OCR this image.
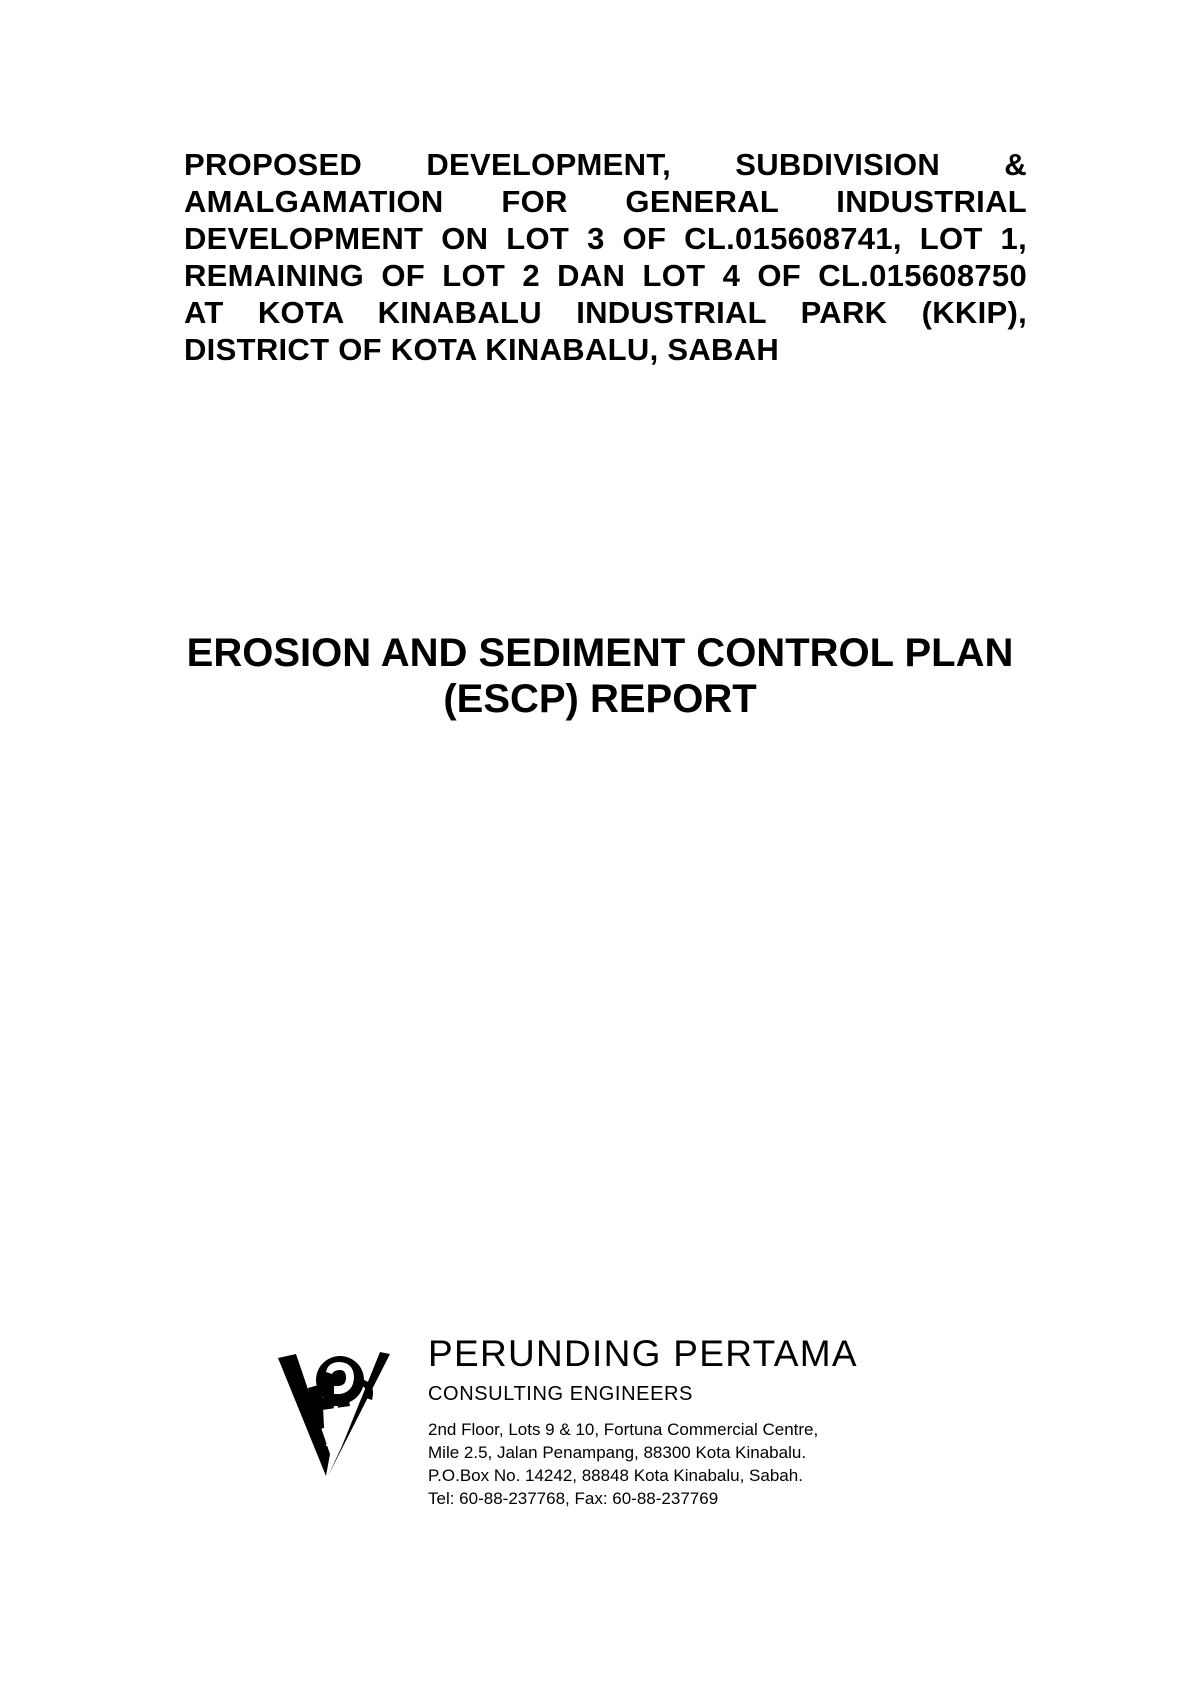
PROPOSED DEVELOPMENT, SUBDIVISION &
AMALGAMATION FOR GENERAL INDUSTRIAL
DEVELOPMENT ON LOT 3 OF CL.015608741, LOT 1,
REMAINING OF LOT 2 DAN LOT 4 OF CL.015608750
AT KOTA KINABALU INDUSTRIAL PARK (KKIP),
DISTRICT OF KOTA KINABALU, SABAH
EROSION AND SEDIMENT CONTROL PLAN
(ESCP) REPORT

PERUNDING PERTAMA

CONSULTING ENGINEERS

2nd Floor, Lots 9 & 10, Fortuna Commercial Centre,
Mile 2.5, Jalan Penampang, 88300 Kota Kinabalu.
P.O.Box No. 14242, 88848 Kota Kinabalu, Sabah.
Tel: 60-88-237768, Fax: 60-88-237769
